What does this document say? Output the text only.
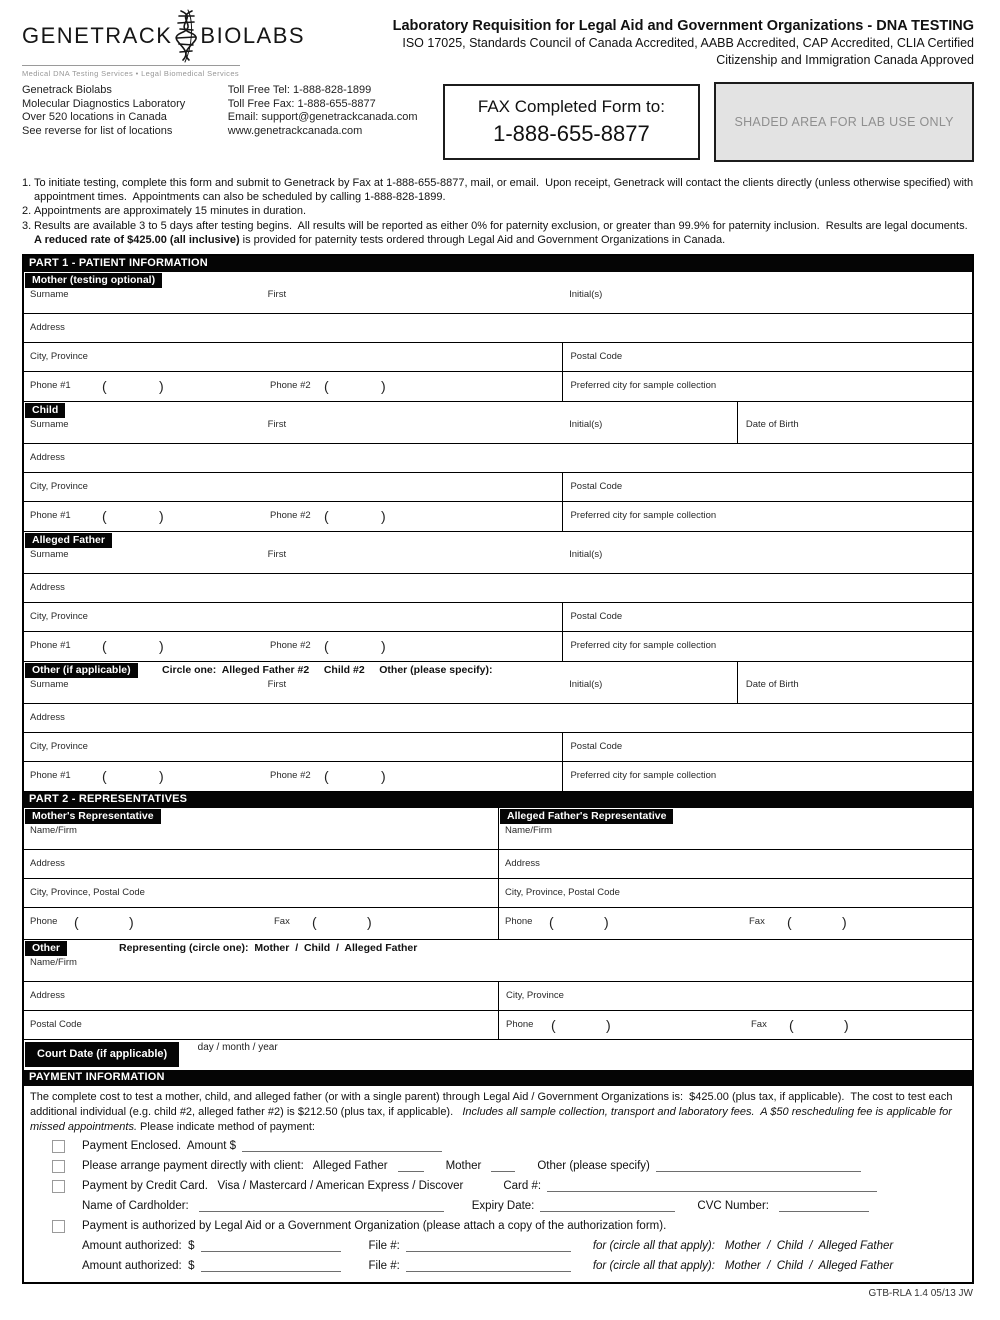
GENETRACK BIOLABS
Medical DNA Testing Services • Legal Biomedical Services
Laboratory Requisition for Legal Aid and Government Organizations - DNA TESTING
ISO 17025, Standards Council of Canada Accredited, AABB Accredited, CAP Accredited, CLIA Certified
Citizenship and Immigration Canada Approved
Genetrack Biolabs
Molecular Diagnostics Laboratory
Over 520 locations in Canada
See reverse for list of locations
Toll Free Tel: 1-888-828-1899
Toll Free Fax: 1-888-655-8877
Email: support@genetrackcanada.com
www.genetrackcanada.com
FAX Completed Form to:
1-888-655-8877	SHADED AREA FOR LAB USE ONLY
1. To initiate testing, complete this form and submit to Genetrack by Fax at 1-888-655-8877, mail, or email.  Upon receipt, Genetrack will contact the clients directly (unless otherwise specified) with appointment times.  Appointments can also be scheduled by calling 1-888-828-1899.
2. Appointments are approximately 15 minutes in duration.
3. Results are available 3 to 5 days after testing begins.  All results will be reported as either 0% for paternity exclusion, or greater than 99.9% for paternity inclusion.  Results are legal documents.  A reduced rate of $425.00 (all inclusive) is provided for paternity tests ordered through Legal Aid and Government Organizations in Canada.
PART 1 - PATIENT INFORMATION
Mother (testing optional)
Surname	First	Initial(s)
Address
City, Province	Postal Code
Phone #1 (	)	Phone #2 (	)	Preferred city for sample collection
Child
Surname	First	Initial(s)	Date of Birth
Address
City, Province	Postal Code
Phone #1 (	)	Phone #2 (	)	Preferred city for sample collection
Alleged Father
Surname	First	Initial(s)
Address
City, Province	Postal Code
Phone #1 (	)	Phone #2 (	)	Preferred city for sample collection
Other (if applicable)	Circle one:  Alleged Father #2     Child #2     Other (please specify):
Surname	First	Initial(s)	Date of Birth
Address
City, Province	Postal Code
Phone #1 (	)	Phone #2 (	)	Preferred city for sample collection
PART 2 - REPRESENTATIVES
Mother's Representative
Name/Firm
Address
City, Province, Postal Code
Phone (	)	Fax (	)
Alleged Father's Representative
Name/Firm
Address
City, Province, Postal Code
Phone (	)	Fax (	)
Other	Representing (circle one):  Mother  /  Child  /  Alleged Father
Name/Firm
Address	City, Province
Postal Code	Phone (	)	Fax (	)
Court Date (if applicable) $^{day / month / year}$
PAYMENT INFORMATION
The complete cost to test a mother, child, and alleged father (or with a single parent) through Legal Aid / Government Organizations is:  $425.00 (plus tax, if applicable).  The cost to test each additional individual (e.g. child #2, alleged father #2) is $212.50 (plus tax, if applicable).   Includes all sample collection, transport and laboratory fees.  A $50 rescheduling fee is applicable for missed appointments. Please indicate method of payment:
Payment Enclosed.  Amount $
Please arrange payment directly with client:   Alleged Father	Mother	Other (please specify)
Payment by Credit Card.   Visa / Mastercard / American Express / Discover	Card #:
Name of Cardholder:	Expiry Date:	CVC Number:
Payment is authorized by Legal Aid or a Government Organization (please attach a copy of the authorization form).
Amount authorized:  $	File #:	for (circle all that apply): Mother  /  Child  /  Alleged Father
Amount authorized:  $	File #:	for (circle all that apply): Mother  /  Child  /  Alleged Father
GTB-RLA 1.4 05/13 JW
